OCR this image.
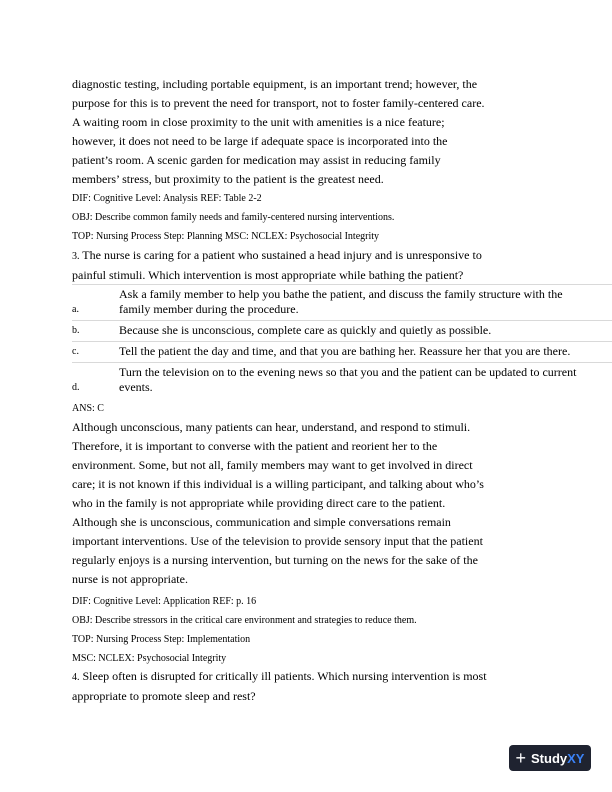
diagnostic testing, including portable equipment, is an important trend; however, the
purpose for this is to prevent the need for transport, not to foster family-centered care.
A waiting room in close proximity to the unit with amenities is a nice feature;
however, it does not need to be large if adequate space is incorporated into the
patient’s room. A scenic garden for medication may assist in reducing family
members’ stress, but proximity to the patient is the greatest need.
DIF: Cognitive Level: Analysis REF: Table 2-2
OBJ: Describe common family needs and family-centered nursing interventions.
TOP: Nursing Process Step: Planning MSC: NCLEX: Psychosocial Integrity
3. The nurse is caring for a patient who sustained a head injury and is unresponsive to
painful stimuli. Which intervention is most appropriate while bathing the patient?
a.
Ask a family member to help you bathe the patient, and discuss the family structure with the
family member during the procedure.
b.	Because she is unconscious, complete care as quickly and quietly as possible.
c.	Tell the patient the day and time, and that you are bathing her. Reassure her that you are there.
d.
Turn the television on to the evening news so that you and the patient can be updated to current
events.
ANS: C
Although unconscious, many patients can hear, understand, and respond to stimuli.
Therefore, it is important to converse with the patient and reorient her to the
environment. Some, but not all, family members may want to get involved in direct
care; it is not known if this individual is a willing participant, and talking about who’s
who in the family is not appropriate while providing direct care to the patient.
Although she is unconscious, communication and simple conversations remain
important interventions. Use of the television to provide sensory input that the patient
regularly enjoys is a nursing intervention, but turning on the news for the sake of the
nurse is not appropriate.
DIF: Cognitive Level: Application REF: p. 16
OBJ: Describe stressors in the critical care environment and strategies to reduce them.
TOP: Nursing Process Step: Implementation
MSC: NCLEX: Psychosocial Integrity
4. Sleep often is disrupted for critically ill patients. Which nursing intervention is most
appropriate to promote sleep and rest?
+ Study XY
